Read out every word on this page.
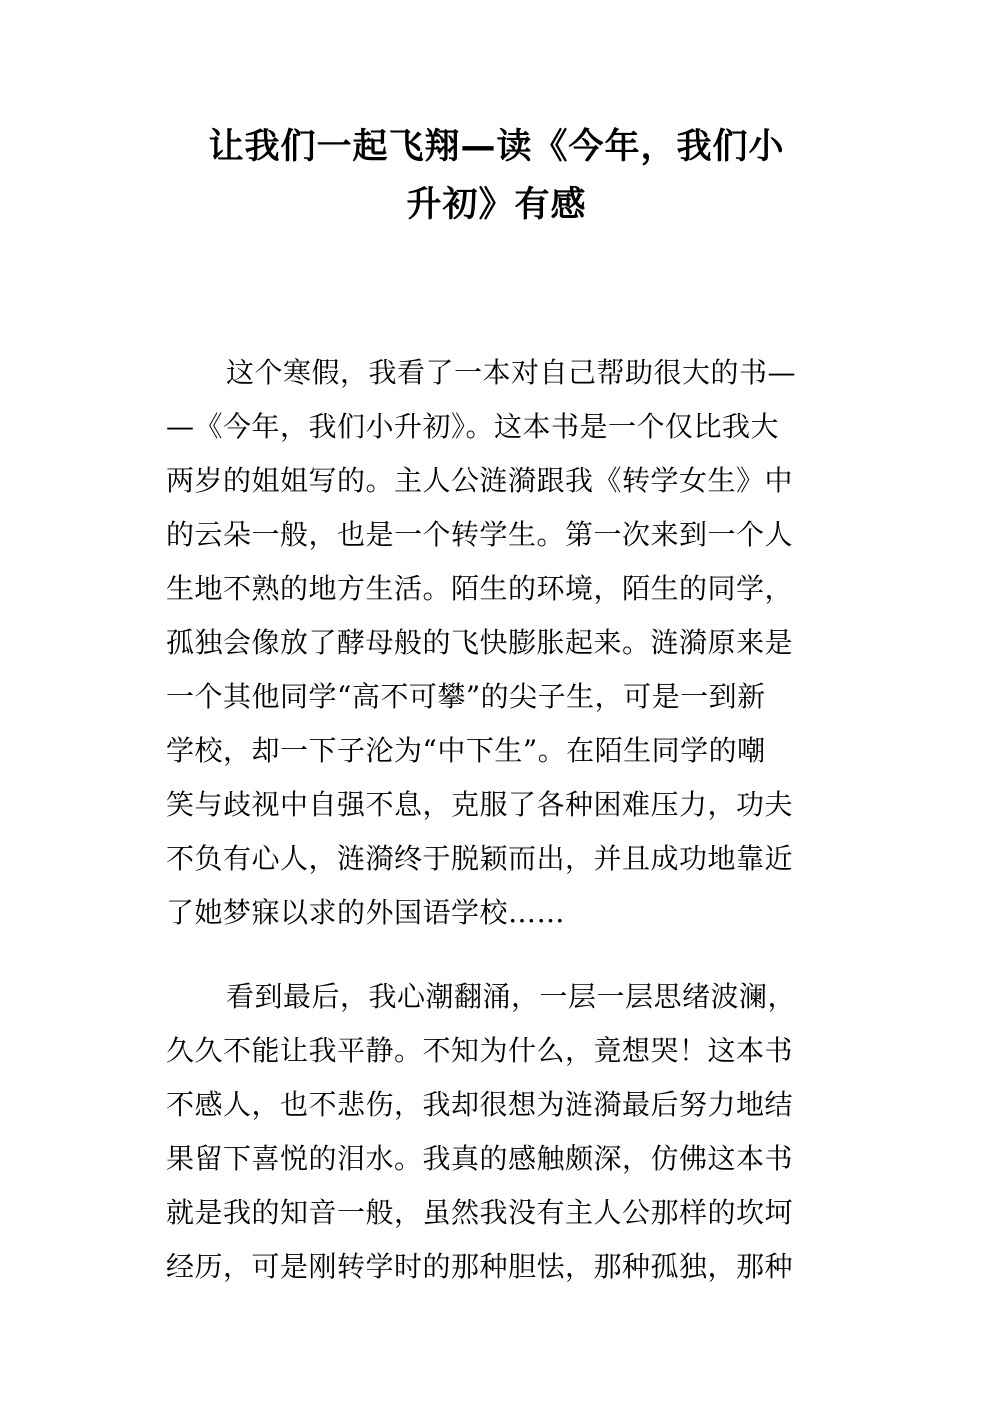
让我们一起飞翔—读《今年，我们小
升初》有感
这个寒假，我看了一本对自己帮助很大的书—
—《今年，我们小升初》。这本书是一个仅比我大
两岁的姐姐写的。主人公涟漪跟我《转学女生》中
的云朵一般，也是一个转学生。第一次来到一个人
生地不熟的地方生活。陌生的环境，陌生的同学，
孤独会像放了酵母般的飞快膨胀起来。涟漪原来是
一个其他同学“高不可攀”的尖子生，可是一到新
学校，却一下子沦为“中下生”。在陌生同学的嘲
笑与歧视中自强不息，克服了各种困难压力，功夫
不负有心人，涟漪终于脱颖而出，并且成功地靠近
了她梦寐以求的外国语学校……
看到最后，我心潮翻涌，一层一层思绪波澜，
久久不能让我平静。不知为什么，竟想哭！这本书
不感人，也不悲伤，我却很想为涟漪最后努力地结
果留下喜悦的泪水。我真的感触颇深，仿佛这本书
就是我的知音一般，虽然我没有主人公那样的坎坷
经历，可是刚转学时的那种胆怯，那种孤独，那种
